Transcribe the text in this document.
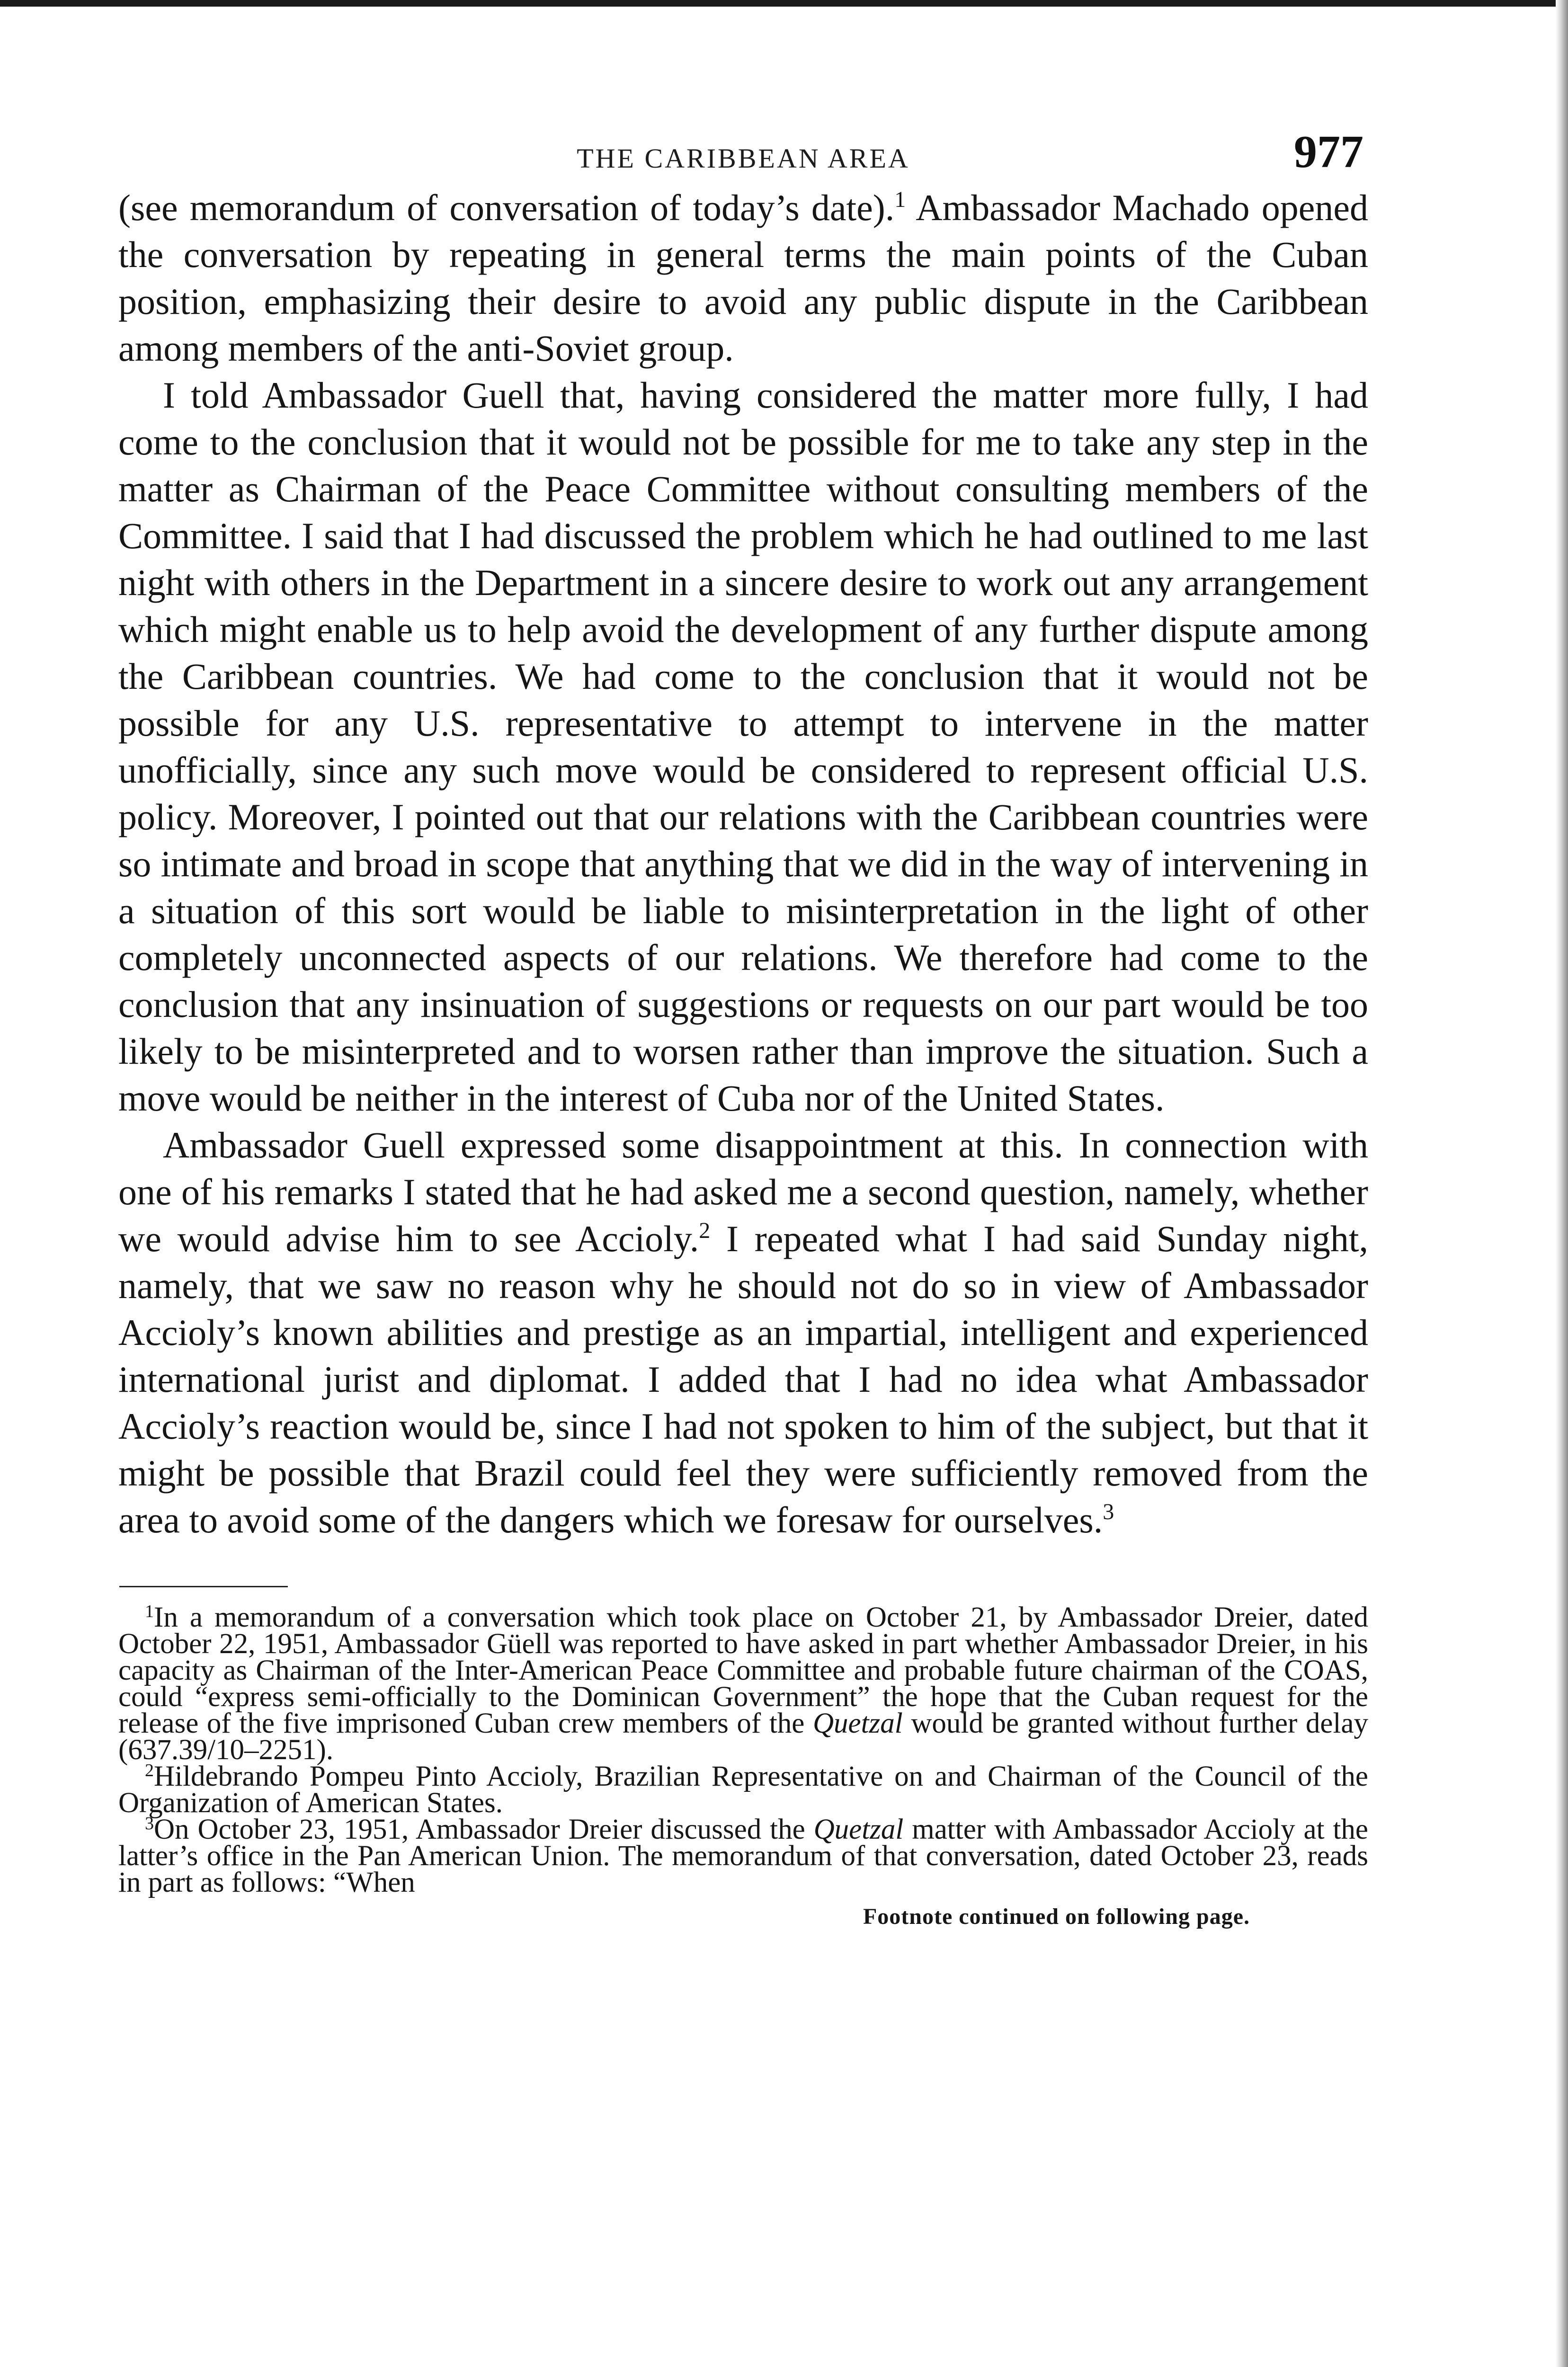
THE CARIBBEAN AREA	977

(see memorandum of conversation of today’s date).$^1$ Ambassador Machado opened the conversation by repeating in general terms the main points of the Cuban position, emphasizing their desire to avoid any public dispute in the Caribbean among members of the anti-Soviet group.

I told Ambassador Guell that, having considered the matter more fully, I had come to the conclusion that it would not be possible for me to take any step in the matter as Chairman of the Peace Committee without consulting members of the Committee. I said that I had discussed the problem which he had outlined to me last night with others in the Department in a sincere desire to work out any arrangement which might enable us to help avoid the development of any further dispute among the Caribbean countries. We had come to the conclusion that it would not be possible for any U.S. representative to attempt to intervene in the matter unofficially, since any such move would be considered to represent official U.S. policy. Moreover, I pointed out that our relations with the Caribbean countries were so intimate and broad in scope that anything that we did in the way of intervening in a situation of this sort would be liable to misinterpretation in the light of other completely unconnected aspects of our relations. We therefore had come to the conclusion that any insinuation of suggestions or requests on our part would be too likely to be misinterpreted and to worsen rather than improve the situation. Such a move would be neither in the interest of Cuba nor of the United States.

Ambassador Guell expressed some disappointment at this. In connection with one of his remarks I stated that he had asked me a second question, namely, whether we would advise him to see Accioly.$^2$ I repeated what I had said Sunday night, namely, that we saw no reason why he should not do so in view of Ambassador Accioly’s known abilities and prestige as an impartial, intelligent and experienced international jurist and diplomat. I added that I had no idea what Ambassador Accioly’s reaction would be, since I had not spoken to him of the subject, but that it might be possible that Brazil could feel they were sufficiently removed from the area to avoid some of the dangers which we foresaw for ourselves.$^3$

$^1$In a memorandum of a conversation which took place on October 21, by Ambassador Dreier, dated October 22, 1951, Ambassador Güell was reported to have asked in part whether Ambassador Dreier, in his capacity as Chairman of the Inter-American Peace Committee and probable future chairman of the COAS, could “express semi-officially to the Dominican Government” the hope that the Cuban request for the release of the five imprisoned Cuban crew members of the Quetzal would be granted without further delay (637.39/10–2251).

$^2$Hildebrando Pompeu Pinto Accioly, Brazilian Representative on and Chairman of the Council of the Organization of American States.

$^3$On October 23, 1951, Ambassador Dreier discussed the Quetzal matter with Ambassador Accioly at the latter’s office in the Pan American Union. The memorandum of that conversation, dated October 23, reads in part as follows: “When

Footnote continued on following page.
